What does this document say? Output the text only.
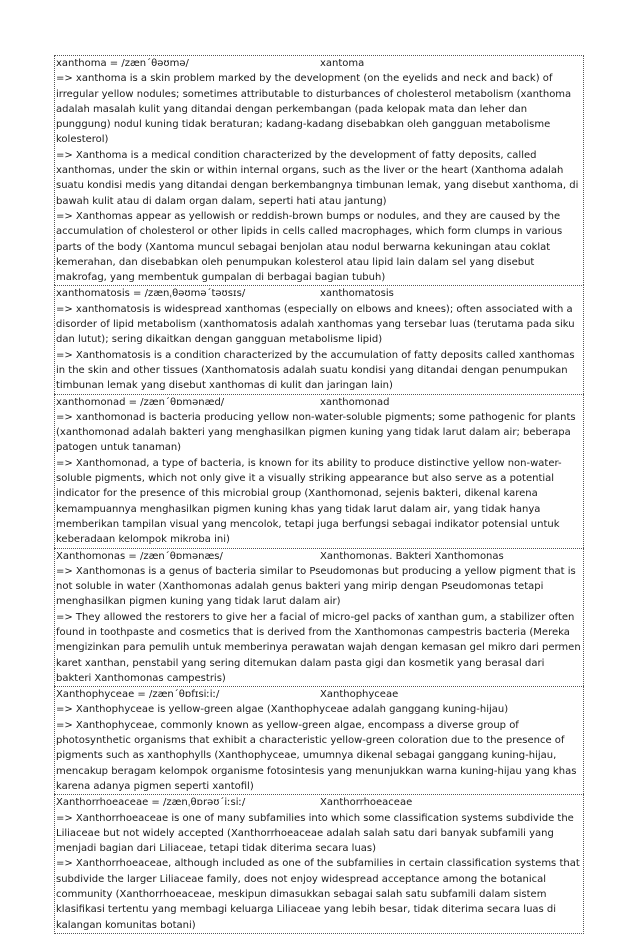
xanthoma = /zæn΄θəʊmə/	xantoma

=> xanthoma is a skin problem marked by the development (on the eyelids and neck and back) of irregular yellow nodules; sometimes attributable to disturbances of cholesterol metabolism (xanthoma adalah masalah kulit yang ditandai dengan perkembangan (pada kelopak mata dan leher dan punggung) nodul kuning tidak beraturan; kadang-kadang disebabkan oleh gangguan metabolisme kolesterol)

=> Xanthoma is a medical condition characterized by the development of fatty deposits, called xanthomas, under the skin or within internal organs, such as the liver or the heart (Xanthoma adalah suatu kondisi medis yang ditandai dengan berkembangnya timbunan lemak, yang disebut xanthoma, di bawah kulit atau di dalam organ dalam, seperti hati atau jantung)

=> Xanthomas appear as yellowish or reddish-brown bumps or nodules, and they are caused by the accumulation of cholesterol or other lipids in cells called macrophages, which form clumps in various parts of the body (Xantoma muncul sebagai benjolan atau nodul berwarna kekuningan atau coklat kemerahan, dan disebabkan oleh penumpukan kolesterol atau lipid lain dalam sel yang disebut makrofag, yang membentuk gumpalan di berbagai bagian tubuh)

xanthomatosis = /zænˌθəʊmə΄təʊsɪs/	xanthomatosis

=> xanthomatosis is widespread xanthomas (especially on elbows and knees); often associated with a disorder of lipid metabolism (xanthomatosis adalah xanthomas yang tersebar luas (terutama pada siku dan lutut); sering dikaitkan dengan gangguan metabolisme lipid)

=> Xanthomatosis is a condition characterized by the accumulation of fatty deposits called xanthomas in the skin and other tissues (Xanthomatosis adalah suatu kondisi yang ditandai dengan penumpukan timbunan lemak yang disebut xanthomas di kulit dan jaringan lain)

xanthomonad = /zæn΄θɒmənæd/	xanthomonad

=> xanthomonad is bacteria producing yellow non-water-soluble pigments; some pathogenic for plants (xanthomonad adalah bakteri yang menghasilkan pigmen kuning yang tidak larut dalam air; beberapa patogen untuk tanaman)

=> Xanthomonad, a type of bacteria, is known for its ability to produce distinctive yellow non-water-soluble pigments, which not only give it a visually striking appearance but also serve as a potential indicator for the presence of this microbial group (Xanthomonad, sejenis bakteri, dikenal karena kemampuannya menghasilkan pigmen kuning khas yang tidak larut dalam air, yang tidak hanya memberikan tampilan visual yang mencolok, tetapi juga berfungsi sebagai indikator potensial untuk keberadaan kelompok mikroba ini)

Xanthomonas = /zæn΄θɒmənæs/	Xanthomonas. Bakteri Xanthomonas

=> Xanthomonas is a genus of bacteria similar to Pseudomonas but producing a yellow pigment that is not soluble in water (Xanthomonas adalah genus bakteri yang mirip dengan Pseudomonas tetapi menghasilkan pigmen kuning yang tidak larut dalam air)

=> They allowed the restorers to give her a facial of micro-gel packs of xanthan gum, a stabilizer often found in toothpaste and cosmetics that is derived from the Xanthomonas campestris bacteria (Mereka mengizinkan para pemulih untuk memberinya perawatan wajah dengan kemasan gel mikro dari permen karet xanthan, penstabil yang sering ditemukan dalam pasta gigi dan kosmetik yang berasal dari bakteri Xanthomonas campestris)

Xanthophyceae = /zæn΄θɒfɪsiːiː/	Xanthophyceae

=> Xanthophyceae is yellow-green algae (Xanthophyceae adalah ganggang kuning-hijau)

=> Xanthophyceae, commonly known as yellow-green algae, encompass a diverse group of photosynthetic organisms that exhibit a characteristic yellow-green coloration due to the presence of pigments such as xanthophylls (Xanthophyceae, umumnya dikenal sebagai ganggang kuning-hijau, mencakup beragam kelompok organisme fotosintesis yang menunjukkan warna kuning-hijau yang khas karena adanya pigmen seperti xantofil)

Xanthorrhoeaceae = /zænˌθɒrəʊ΄iːsiː/	Xanthorrhoeaceae

=> Xanthorrhoeaceae is one of many subfamilies into which some classification systems subdivide the Liliaceae but not widely accepted (Xanthorrhoeaceae adalah salah satu dari banyak subfamili yang menjadi bagian dari Liliaceae, tetapi tidak diterima secara luas)

=> Xanthorrhoeaceae, although included as one of the subfamilies in certain classification systems that subdivide the larger Liliaceae family, does not enjoy widespread acceptance among the botanical community (Xanthorrhoeaceae, meskipun dimasukkan sebagai salah satu subfamili dalam sistem klasifikasi tertentu yang membagi keluarga Liliaceae yang lebih besar, tidak diterima secara luas di kalangan komunitas botani)
